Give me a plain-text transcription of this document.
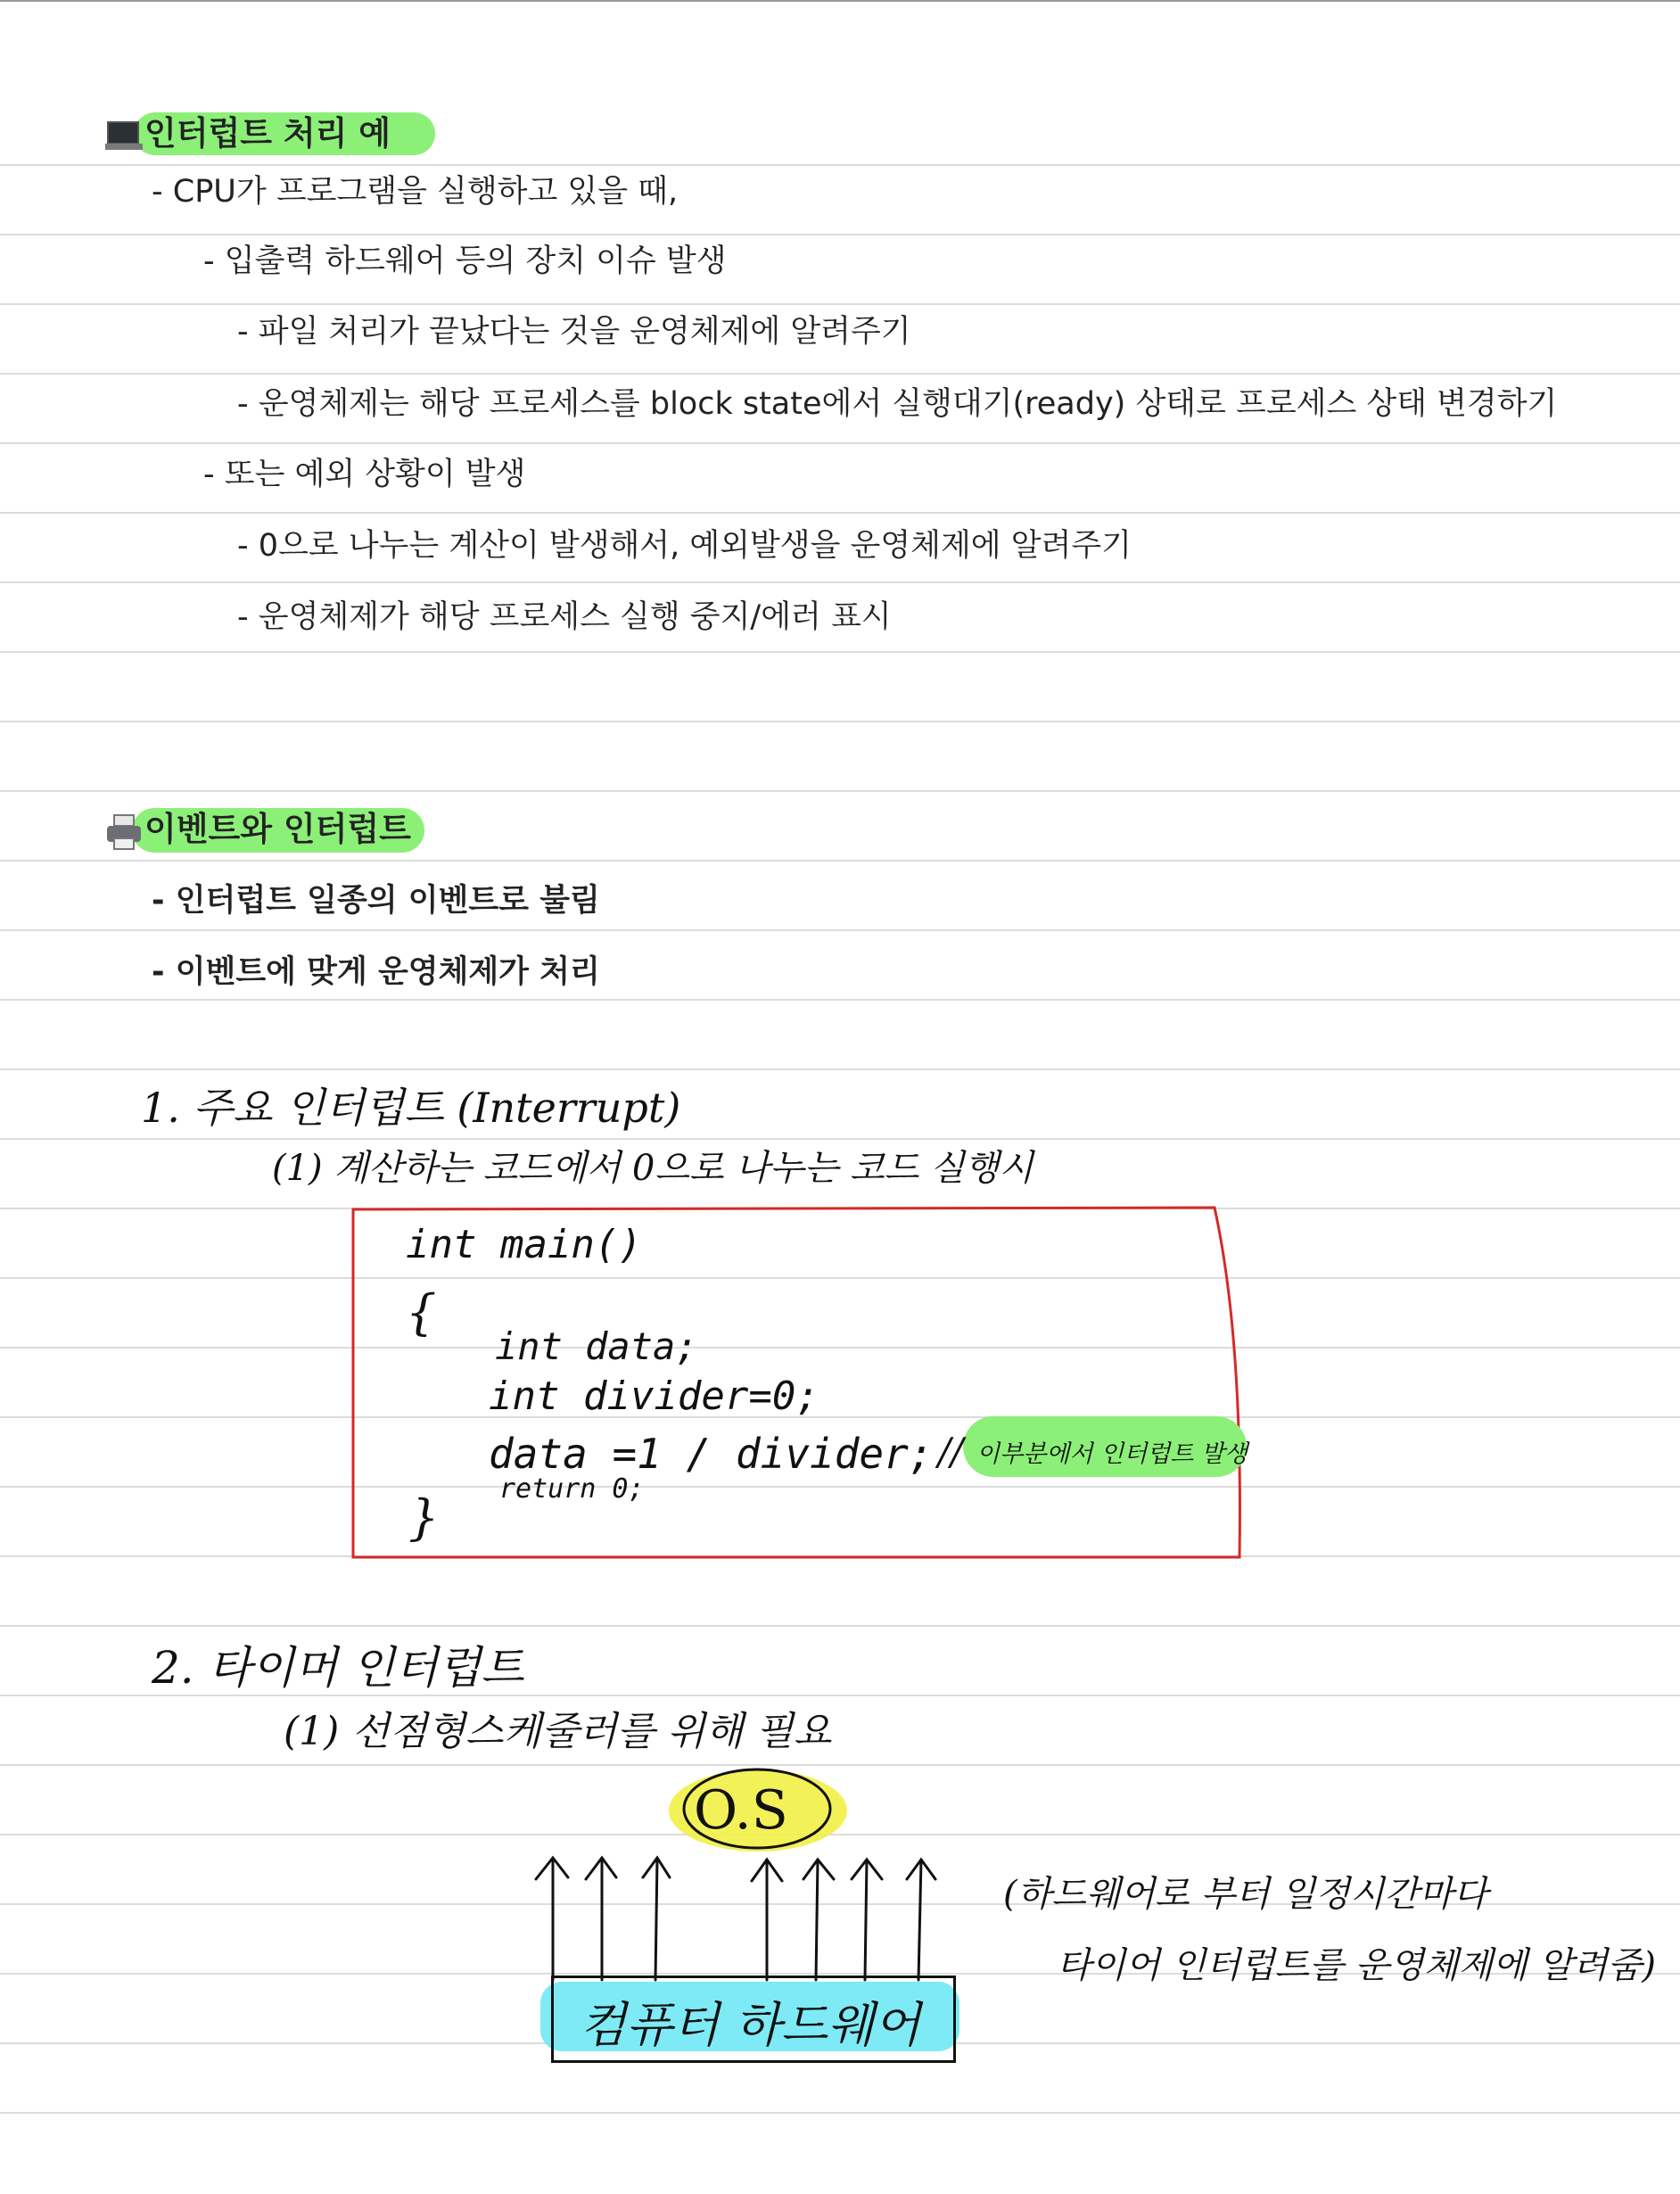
인터럽트 처리 예
- CPU가 프로그램을 실행하고 있을 때,
- 입출력 하드웨어 등의 장치 이슈 발생
- 파일 처리가 끝났다는 것을 운영체제에 알려주기
- 운영체제는 해당 프로세스를 block state에서 실행대기(ready) 상태로 프로세스 상태 변경하기
- 또는 예외 상황이 발생
- 0으로 나누는 계산이 발생해서, 예외발생을 운영체제에 알려주기
- 운영체제가 해당 프로세스 실행 중지/에러 표시
이벤트와 인터럽트
- 인터럽트 일종의 이벤트로 불림
- 이벤트에 맞게 운영체제가 처리
1. 주요 인터럽트 (Interrupt)
(1) 계산하는 코드에서 0으로 나누는 코드 실행시
int main()
{
int data;
int divider=0;
data =1 / divider;
return 0;
}
// 이부분에서 인터럽트 발생
2. 타이머 인터럽트
(1) 선점형스케줄러를 위해 필요
O.S
컴퓨터 하드웨어
(하드웨어로 부터 일정시간마다
타이어 인터럽트를 운영체제에 알려줌)
